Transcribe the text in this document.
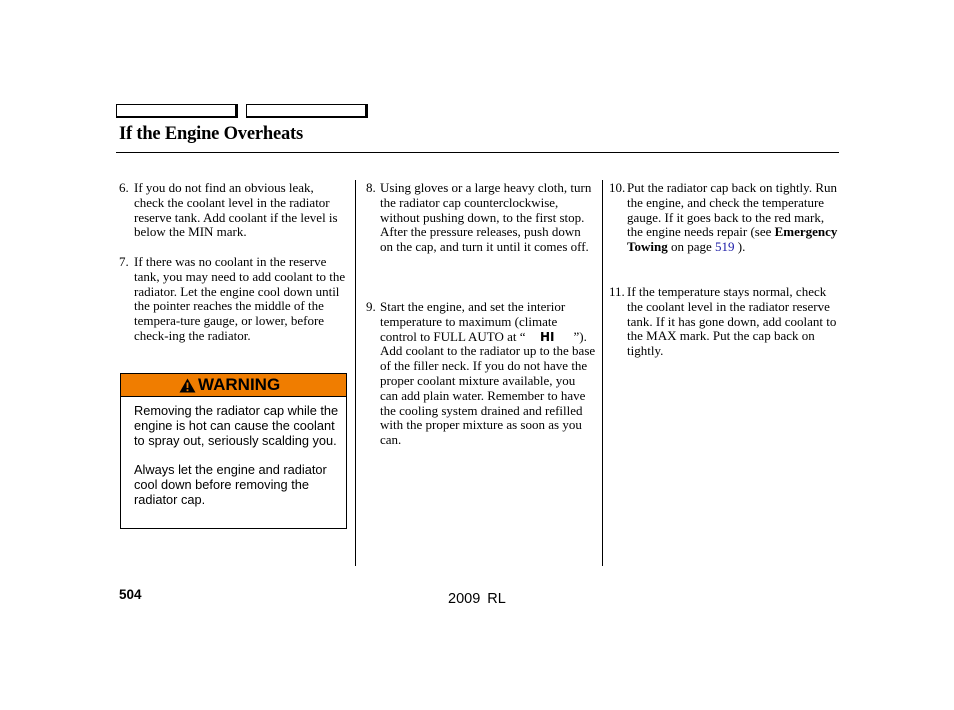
If the Engine Overheats
6. If you do not find an obvious leak, check the coolant level in the radiator reserve tank. Add coolant if the level is below the MIN mark.
7. If there was no coolant in the reserve tank, you may need to add coolant to the radiator. Let the engine cool down until the pointer reaches the middle of the tempera-ture gauge, or lower, before check-ing the radiator.
WARNING

Removing the radiator cap while the engine is hot can cause the coolant to spray out, seriously scalding you.

Always let the engine and radiator cool down before removing the radiator cap.

8. Using gloves or a large heavy cloth, turn the radiator cap counterclockwise, without pushing down, to the first stop. After the pressure releases, push down on the cap, and turn it until it comes off.
9. Start the engine, and set the interior temperature to maximum (climate control to FULL AUTO at “ HI ”). Add coolant to the radiator up to the base of the filler neck. If you do not have the proper coolant mixture available, you can add plain water. Remember to have the cooling system drained and refilled with the proper mixture as soon as you can.
10. Put the radiator cap back on tightly. Run the engine, and check the temperature gauge. If it goes back to the red mark, the engine needs repair (see Emergency Towing on page 519 ).
11. If the temperature stays normal, check the coolant level in the radiator reserve tank. If it has gone down, add coolant to the MAX mark. Put the cap back on tightly.
504	2009 RL
